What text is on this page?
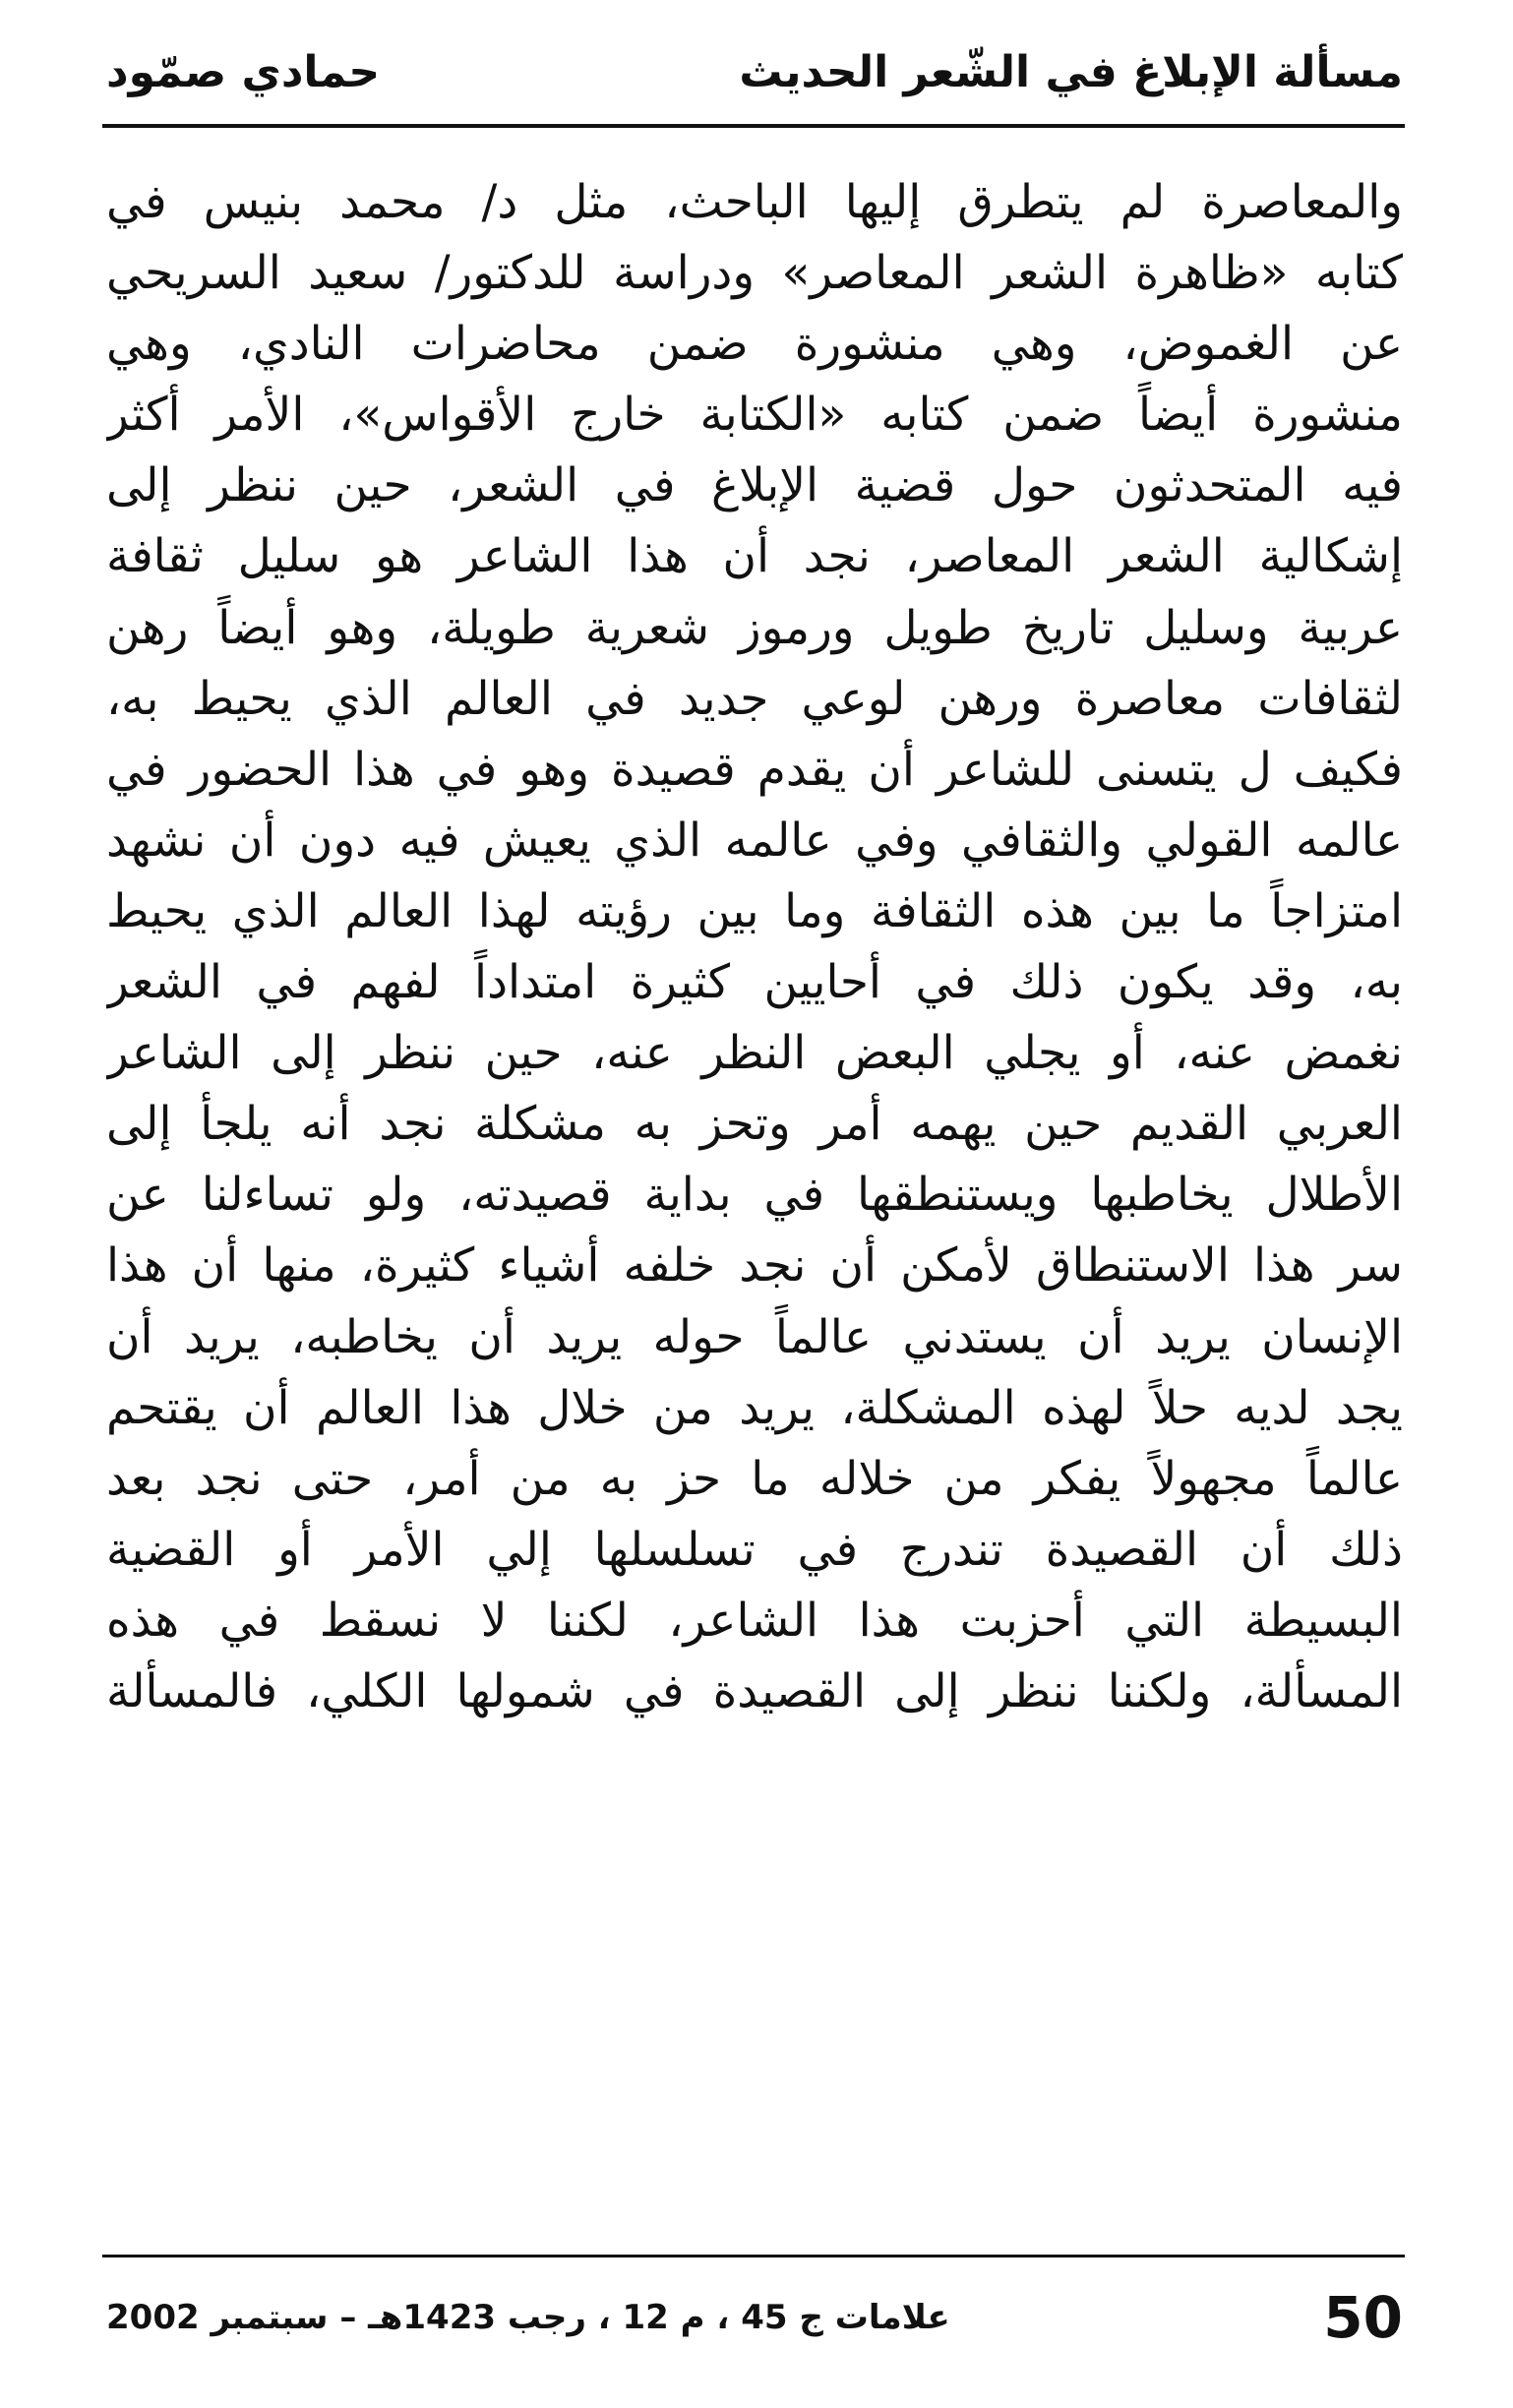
مسألة الإبلاغ في الشّعر الحديث
حمادي صمّود
والمعاصرة لم يتطرق إليها الباحث، مثل د/ محمد بنيس في
كتابه «ظاهرة الشعر المعاصر» ودراسة للدكتور/ سعيد السريحي
عن الغموض، وهي منشورة ضمن محاضرات النادي، وهي
منشورة أيضاً ضمن كتابه «الكتابة خارج الأقواس»، الأمر أكثر
فيه المتحدثون حول قضية الإبلاغ في الشعر، حين ننظر إلى
إشكالية الشعر المعاصر، نجد أن هذا الشاعر هو سليل ثقافة
عربية وسليل تاريخ طويل ورموز شعرية طويلة، وهو أيضاً رهن
لثقافات معاصرة ورهن لوعي جديد في العالم الذي يحيط به،
فكيف ل يتسنى للشاعر أن يقدم قصيدة وهو في هذا الحضور في
عالمه القولي والثقافي وفي عالمه الذي يعيش فيه دون أن نشهد
امتزاجاً ما بين هذه الثقافة وما بين رؤيته لهذا العالم الذي يحيط
به، وقد يكون ذلك في أحايين كثيرة امتداداً لفهم في الشعر
نغمض عنه، أو يجلي البعض النظر عنه، حين ننظر إلى الشاعر
العربي القديم حين يهمه أمر وتحز به مشكلة نجد أنه يلجأ إلى
الأطلال يخاطبها ويستنطقها في بداية قصيدته، ولو تساءلنا عن
سر هذا الاستنطاق لأمكن أن نجد خلفه أشياء كثيرة، منها أن هذا
الإنسان يريد أن يستدني عالماً حوله يريد أن يخاطبه، يريد أن
يجد لديه حلاً لهذه المشكلة، يريد من خلال هذا العالم أن يقتحم
عالماً مجهولاً يفكر من خلاله ما حز به من أمر، حتى نجد بعد
ذلك أن القصيدة تندرج في تسلسلها إلي الأمر أو القضية
البسيطة التي أحزبت هذا الشاعر، لكننا لا نسقط في هذه
المسألة، ولكننا ننظر إلى القصيدة في شمولها الكلي، فالمسألة
50
علامات ج 45 ، م 12 ، رجب 1423هـ – سبتمبر 2002
